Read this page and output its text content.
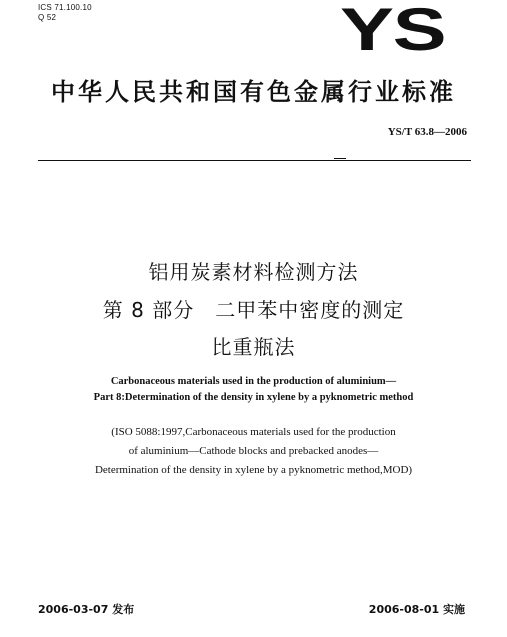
ICS 71.100.10
Q 52	YS
中华人民共和国有色金属行业标准
YS/T 63.8—2006
铝用炭素材料检测方法
第 8 部分　二甲苯中密度的测定
比重瓶法
Carbonaceous materials used in the production of aluminium—
Part 8:Determination of the density in xylene by a pyknometric method
(ISO 5088:1997,Carbonaceous materials used for the production
of aluminium—Cathode blocks and prebacked anodes—
Determination of the density in xylene by a pyknometric method,MOD)
2006-03-07 发布	2006-08-01 实施
